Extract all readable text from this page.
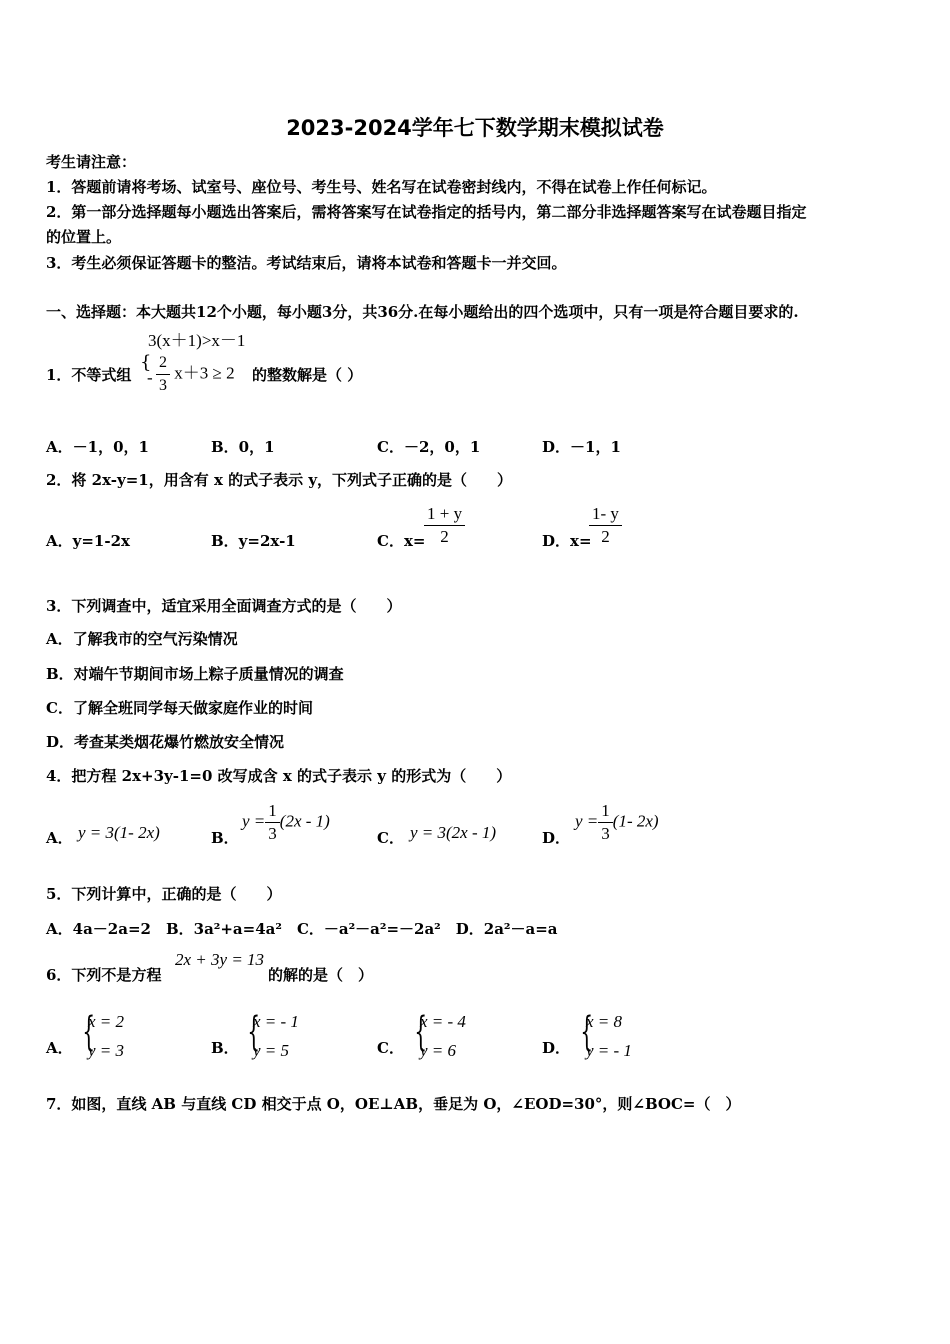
2023-2024学年七下数学期末模拟试卷
考生请注意：
1．答题前请将考场、试室号、座位号、考生号、姓名写在试卷密封线内，不得在试卷上作任何标记。
2．第一部分选择题每小题选出答案后，需将答案写在试卷指定的括号内，第二部分非选择题答案写在试卷题目指定
的位置上。
3．考生必须保证答题卡的整洁。考试结束后，请将本试卷和答题卡一并交回。
一、选择题：本大题共12个小题，每小题3分，共36分.在每小题给出的四个选项中，只有一项是符合题目要求的.
3(x＋1)>x－1
1．不等式组
{
- $\frac{2}{3} x+3 \ge 2$ 的整数解是（ ）
A．－1，0，1	B．0，1	C．－2，0，1	D．－1，1
2．将 2x-y=1，用含有 x 的式子表示 y，下列式子正确的是（　　）
A．y=1-2x	B．y=2x-1	C．x=
$\frac{1 + y}{2}$	D．x=
$\frac{1- y}{2}$
3．下列调查中，适宜采用全面调查方式的是（　　）
A．了解我市的空气污染情况
B．对端午节期间市场上粽子质量情况的调查
C．了解全班同学每天做家庭作业的时间
D．考查某类烟花爆竹燃放安全情况
4．把方程 2x+3y-1=0 改写成含 x 的式子表示 y 的形式为（　　）
A． y = 3(1- 2x)	B．
$y = \frac{1}{3} (2x - 1)$
C． y = 3(2x - 1)	D．
$y = \frac{1}{3} (1-$ 2x)
5．下列计算中，正确的是（　　）
A．4a－2a=2　B．3a²+a=4a²　C．－a²－a²=－2a²　D．2a²－a=a
6．下列不是方程
2x + 3y = 13
的解的是（　）
A． {
x = 2
y = 3	B． {
x = - 1
y = 5	C． {
x = - 4
y = 6	D． {
x = 8
y = - 1
7．如图，直线 AB 与直线 CD 相交于点 O，OE⊥AB，垂足为 O，∠EOD=30°，则∠BOC=（　）
